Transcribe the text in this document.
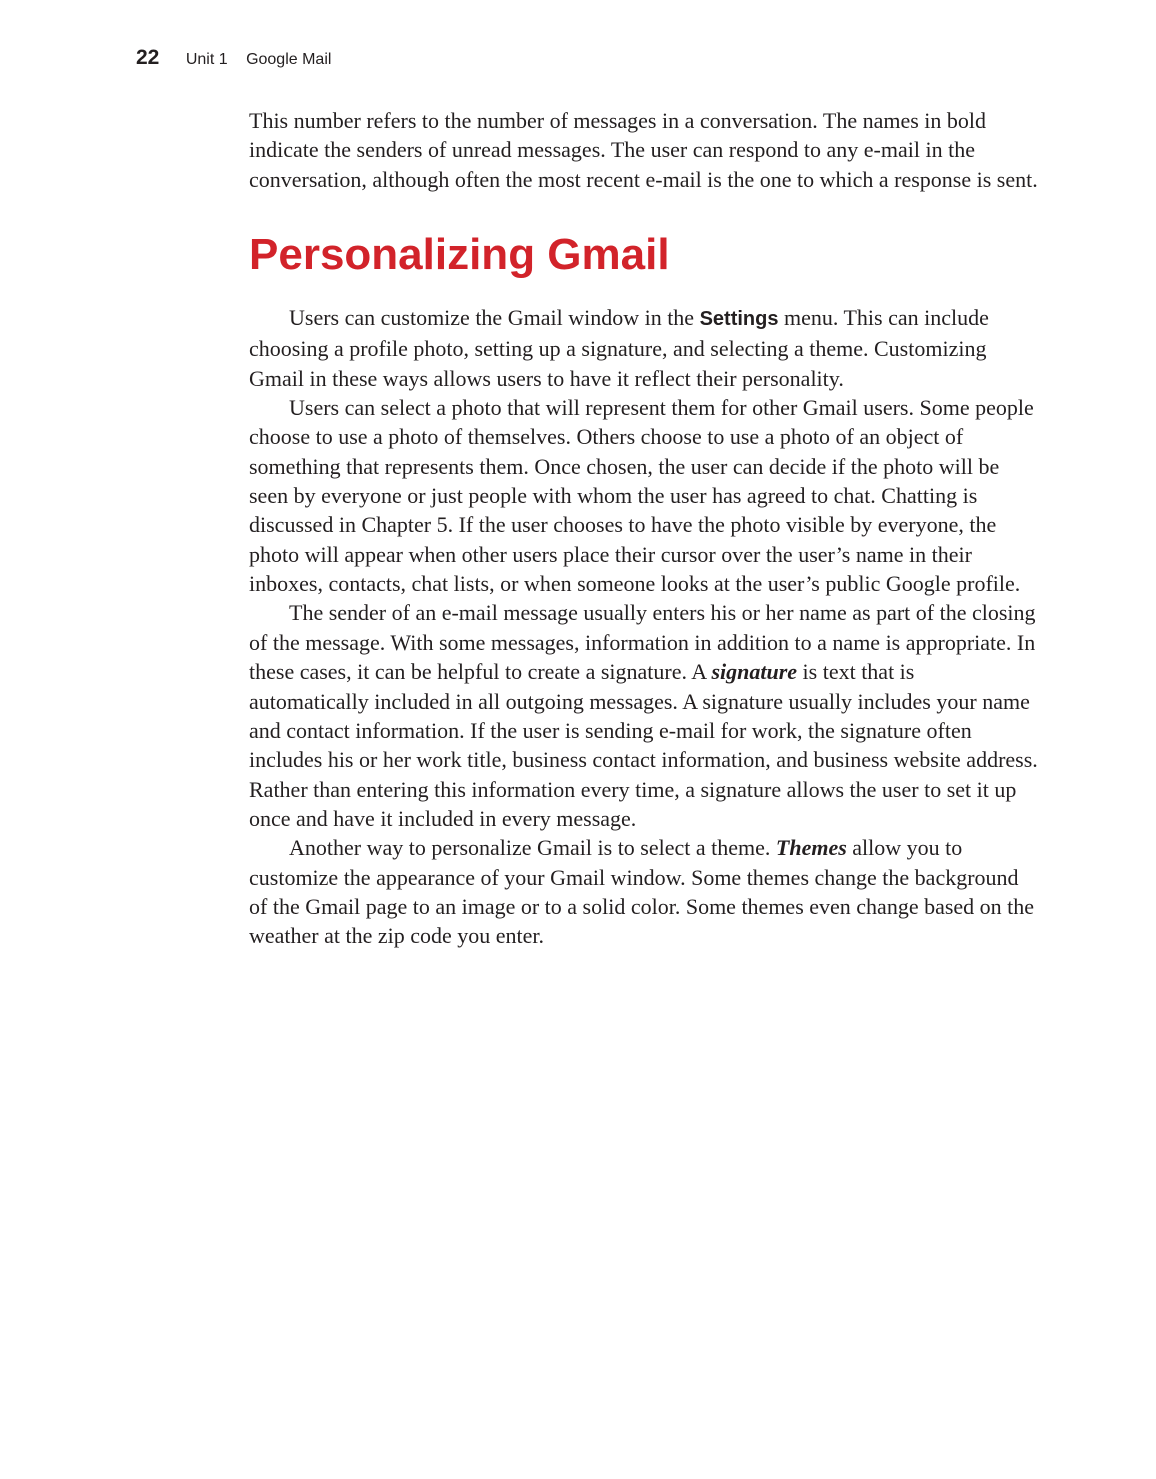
22 Unit 1 Google Mail

This number refers to the number of messages in a conversation. The names in bold indicate the senders of unread messages. The user can respond to any e-mail in the conversation, although often the most recent e-mail is the one to which a response is sent.

Personalizing Gmail

Users can customize the Gmail window in the Settings menu. This can include choosing a profile photo, setting up a signature, and selecting a theme. Customizing Gmail in these ways allows users to have it reflect their personality.

Users can select a photo that will represent them for other Gmail users. Some people choose to use a photo of themselves. Others choose to use a photo of an object of something that represents them. Once chosen, the user can decide if the photo will be seen by everyone or just people with whom the user has agreed to chat. Chatting is discussed in Chapter 5. If the user chooses to have the photo visible by everyone, the photo will appear when other users place their cursor over the user’s name in their inboxes, contacts, chat lists, or when someone looks at the user’s public Google profile.

The sender of an e-mail message usually enters his or her name as part of the closing of the message. With some messages, information in addition to a name is appropriate. In these cases, it can be helpful to create a signature. A signature is text that is automatically included in all outgoing messages. A signature usually includes your name and contact information. If the user is sending e-mail for work, the signature often includes his or her work title, business contact information, and business website address. Rather than entering this information every time, a signature allows the user to set it up once and have it included in every message.

Another way to personalize Gmail is to select a theme. Themes allow you to customize the appearance of your Gmail window. Some themes change the background of the Gmail page to an image or to a solid color. Some themes even change based on the weather at the zip code you enter.
